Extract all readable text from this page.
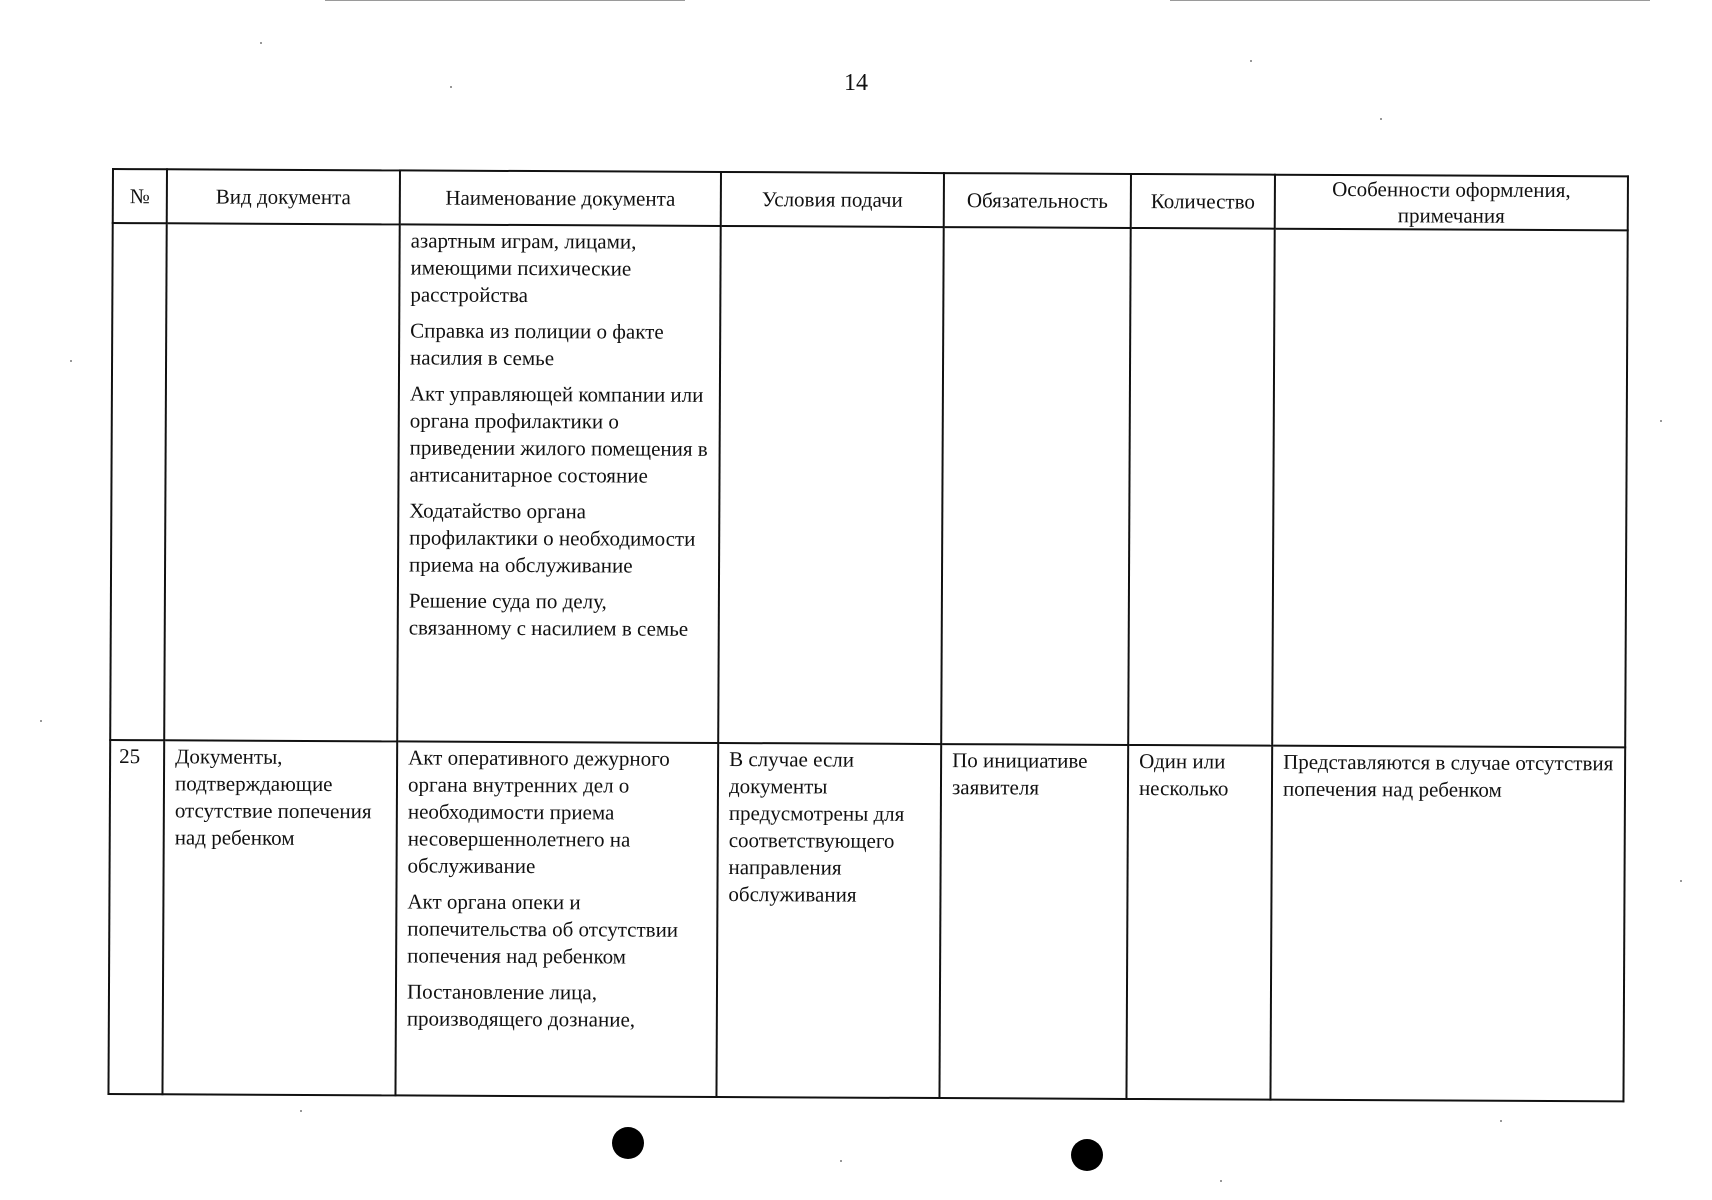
14
№	Вид документа	Наименование документа	Условия подачи	Обязательность	Количество	Особенности оформления, примечания

		азартным играм, лицами, имеющими психические расстройства
Справка из полиции о факте насилия в семье
Акт управляющей компании или органа профилактики о приведении жилого помещения в антисанитарное состояние
Ходатайство органа профилактики о необходимости приема на обслуживание
Решение суда по делу, связанному с насилием в семье				

25	Документы, подтверждающие отсутствие попечения над ребенком	Акт оперативного дежурного органа внутренних дел о необходимости приема несовершеннолетнего на обслуживание
Акт органа опеки и попечительства об отсутствии попечения над ребенком
Постановление лица, производящего дознание,	В случае если документы предусмотрены для соответствующего направления обслуживания	По инициативе заявителя	Один или несколько	Представляются в случае отсутствия попечения над ребенком
